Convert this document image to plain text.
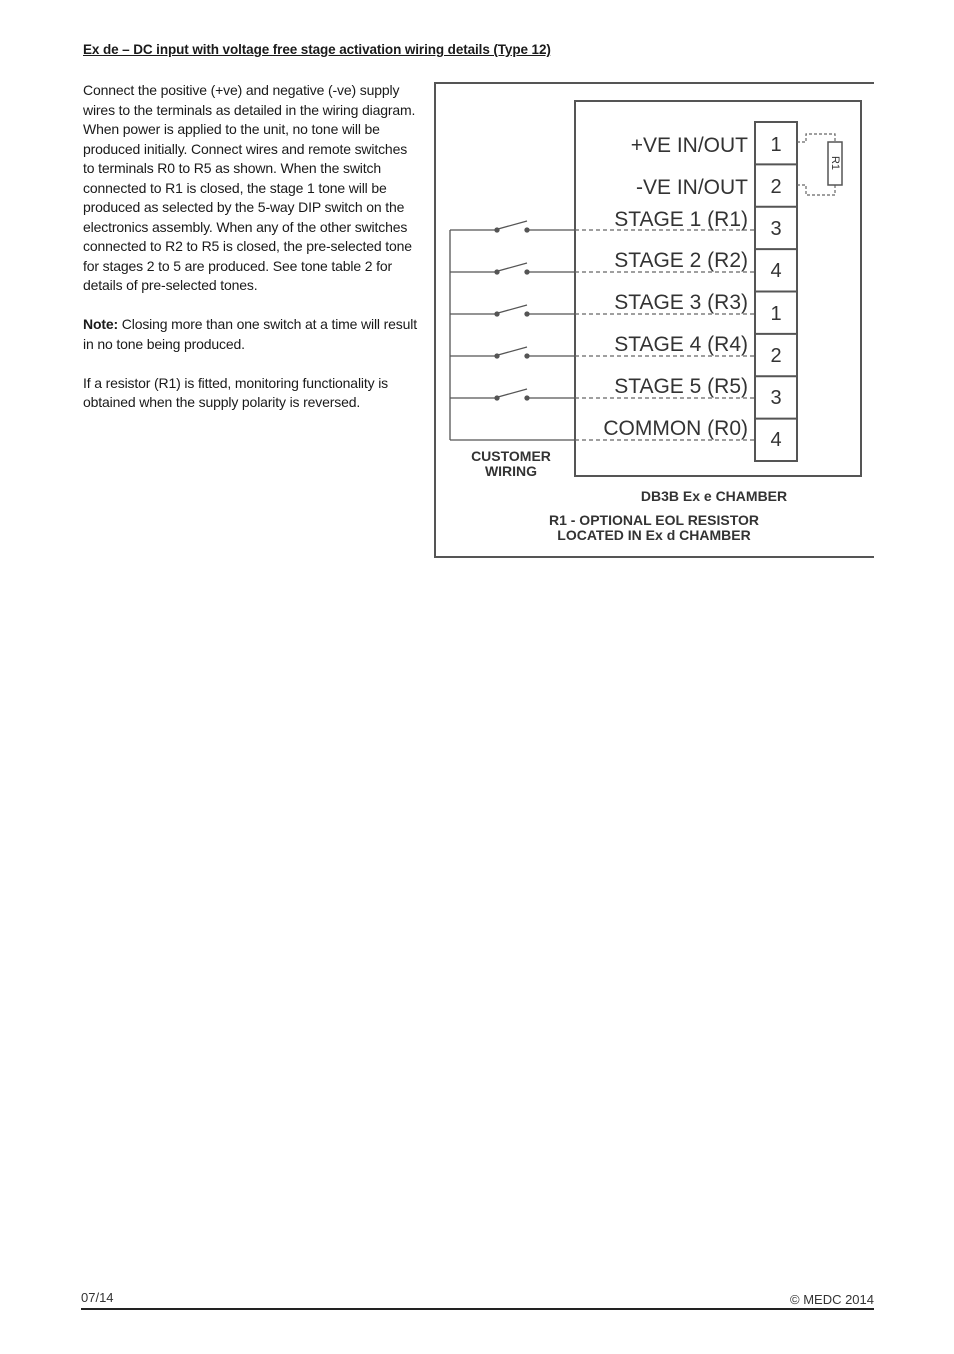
Ex de – DC input with voltage free stage activation wiring details (Type 12)

Connect the positive (+ve) and negative (-ve) supply wires to the terminals as detailed in the wiring diagram. When power is applied to the unit, no tone will be produced initially. Connect wires and remote switches to terminals R0 to R5 as shown. When the switch connected to R1 is closed, the stage 1 tone will be produced as selected by the 5-way DIP switch on the electronics assembly. When any of the other switches connected to R2 to R5 is closed, the pre-selected tone for stages 2 to 5 are produced. See tone table 2 for details of pre-selected tones.

Note: Closing more than one switch at a time will result in no tone being produced.

If a resistor (R1) is fitted, monitoring functionality is obtained when the supply polarity is reversed.

+VE IN/OUT
-VE IN/OUT
STAGE 1 (R1)
STAGE 2 (R2)
STAGE 3 (R3)
STAGE 4 (R4)
STAGE 5 (R5)
COMMON (R0)
1
2
3
4
1
2
3
4
R1
CUSTOMER
WIRING
DB3B Ex e CHAMBER
R1 - OPTIONAL EOL RESISTOR
LOCATED IN Ex d CHAMBER
07/14	© MEDC 2014
